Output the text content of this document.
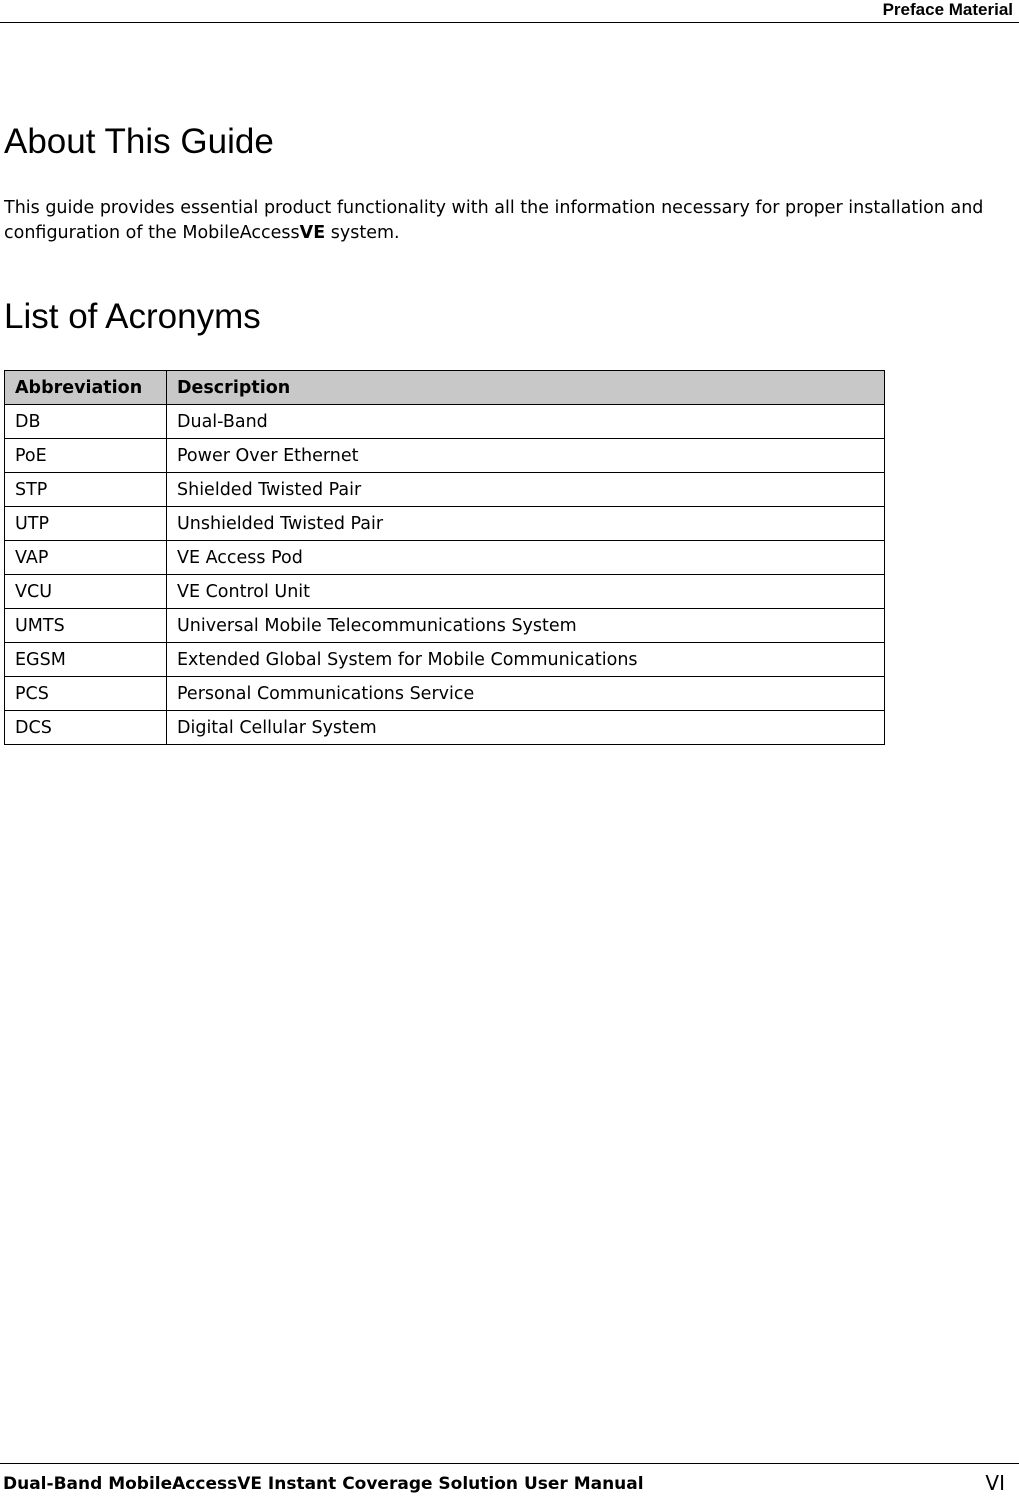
Preface Material
About This Guide

This guide provides essential product functionality with all the information necessary for proper installation and configuration of the MobileAccessVE system.

List of Acronyms
Abbreviation	Description
DB	Dual-Band
PoE	Power Over Ethernet
STP	Shielded Twisted Pair
UTP	Unshielded Twisted Pair
VAP	VE Access Pod
VCU	VE Control Unit
UMTS	Universal Mobile Telecommunications System
EGSM	Extended Global System for Mobile Communications
PCS	Personal Communications Service
DCS	Digital Cellular System
Dual-Band MobileAccessVE Instant Coverage Solution User Manual	VI
